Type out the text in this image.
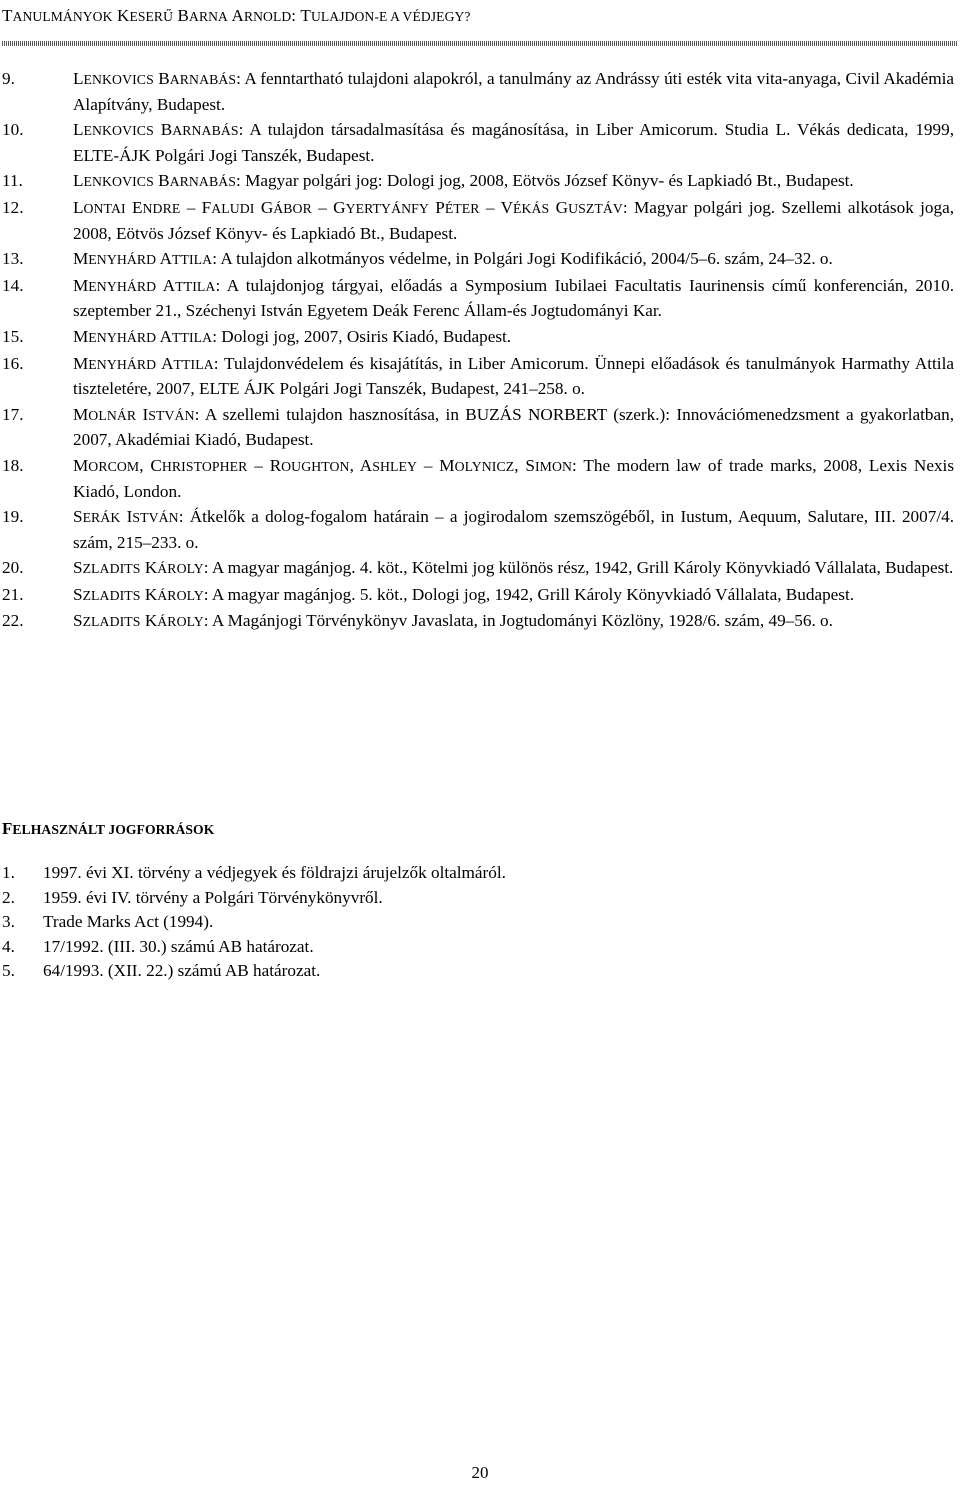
TANULMÁNYOK KESERŰ BARNA ARNOLD: TULAJDON-E A VÉDJEGY?
9.	LENKOVICS BARNABÁS: A fenntartható tulajdoni alapokról, a tanulmány az Andrássy úti esték vita vita-anyaga, Civil Akadémia Alapítvány, Budapest.
10.	LENKOVICS BARNABÁS: A tulajdon társadalmasítása és magánosítása, in Liber Amicorum. Studia L. Vékás dedicata, 1999, ELTE-ÁJK Polgári Jogi Tanszék, Budapest.
11.	LENKOVICS BARNABÁS: Magyar polgári jog: Dologi jog, 2008, Eötvös József Könyv- és Lapkiadó Bt., Budapest.
12.	LONTAI ENDRE – FALUDI GÁBOR – GYERTYÁNFY PÉTER – VÉKÁS GUSZTÁV: Magyar polgári jog. Szellemi alkotások joga, 2008, Eötvös József Könyv- és Lapkiadó Bt., Budapest.
13.	MENYHÁRD ATTILA: A tulajdon alkotmányos védelme, in Polgári Jogi Kodifikáció, 2004/5–6. szám, 24–32. o.
14.	MENYHÁRD ATTILA: A tulajdonjog tárgyai, előadás a Symposium Iubilaei Facultatis Iaurinensis című konferencián, 2010. szeptember 21., Széchenyi István Egyetem Deák Ferenc Állam-és Jogtudományi Kar.
15.	MENYHÁRD ATTILA: Dologi jog, 2007, Osiris Kiadó, Budapest.
16.	MENYHÁRD ATTILA: Tulajdonvédelem és kisajátítás, in Liber Amicorum. Ünnepi előadások és tanulmányok Harmathy Attila tiszteletére, 2007, ELTE ÁJK Polgári Jogi Tanszék, Budapest, 241–258. o.
17.	MOLNÁR ISTVÁN: A szellemi tulajdon hasznosítása, in BUZÁS NORBERT (szerk.): Innovációmenedzsment a gyakorlatban, 2007, Akadémiai Kiadó, Budapest.
18.	MORCOM, CHRISTOPHER – ROUGHTON, ASHLEY – MOLYNICZ, SIMON: The modern law of trade marks, 2008, Lexis Nexis Kiadó, London.
19.	SERÁK ISTVÁN: Átkelők a dolog-fogalom határain – a jogirodalom szemszögéből, in Iustum, Aequum, Salutare, III. 2007/4. szám, 215–233. o.
20.	SZLADITS KÁROLY: A magyar magánjog. 4. köt., Kötelmi jog különös rész, 1942, Grill Károly Könyvkiadó Vállalata, Budapest.
21.	SZLADITS KÁROLY: A magyar magánjog. 5. köt., Dologi jog, 1942, Grill Károly Könyvkiadó Vállalata, Budapest.
22.	SZLADITS KÁROLY: A Magánjogi Törvénykönyv Javaslata, in Jogtudományi Közlöny, 1928/6. szám, 49–56. o.
FELHASZNÁLT JOGFORRÁSOK
1. 1997. évi XI. törvény a védjegyek és földrajzi árujelzők oltalmáról.
2. 1959. évi IV. törvény a Polgári Törvénykönyvről.
3. Trade Marks Act (1994).
4. 17/1992. (III. 30.) számú AB határozat.
5. 64/1993. (XII. 22.) számú AB határozat.
20
